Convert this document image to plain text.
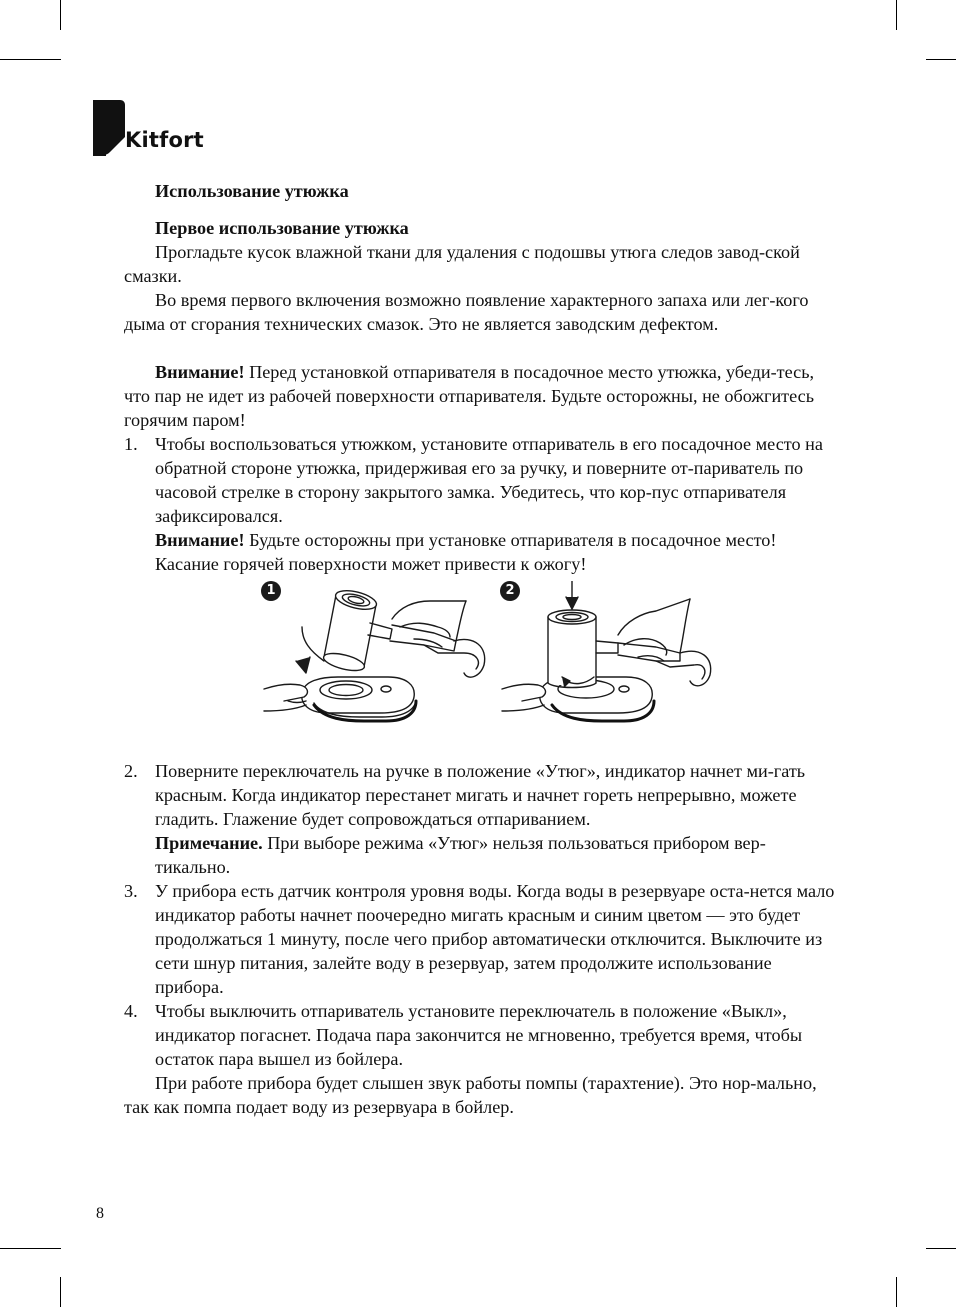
Kitfort

Использование утюжка

Первое использование утюжка

Прогладьте кусок влажной ткани для удаления с подошвы утюга следов завод-ской смазки.

Во время первого включения возможно появление характерного запаха или лег-кого дыма от сгорания технических смазок. Это не является заводским дефектом.

Внимание! Перед установкой отпаривателя в посадочное место утюжка, убеди-тесь, что пар не идет из рабочей поверхности отпаривателя. Будьте осторожны, не обожгитесь горячим паром!

1. Чтобы воспользоваться утюжком, установите отпариватель в его посадочное место на обратной стороне утюжка, придерживая его за ручку, и поверните от-париватель по часовой стрелке в сторону закрытого замка. Убедитесь, что кор-пус отпаривателя зафиксировался.

Внимание! Будьте осторожны при установке отпаривателя в посадочное место! Касание горячей поверхности может привести к ожогу!

1	2
2. Поверните переключатель на ручке в положение «Утюг», индикатор начнет ми-гать красным. Когда индикатор перестанет мигать и начнет гореть непрерывно, можете гладить. Глажение будет сопровождаться отпариванием.

Примечание. При выборе режима «Утюг» нельзя пользоваться прибором вер-тикально.

3. У прибора есть датчик контроля уровня воды. Когда воды в резервуаре оста-нется мало индикатор работы начнет поочередно мигать красным и синим цветом — это будет продолжаться 1 минуту, после чего прибор автоматически отключится. Выключите из сети шнур питания, залейте воду в резервуар, затем продолжите использование прибора.

4. Чтобы выключить отпариватель установите переключатель в положение «Выкл», индикатор погаснет. Подача пара закончится не мгновенно, требуется время, чтобы остаток пара вышел из бойлера.

При работе прибора будет слышен звук работы помпы (тарахтение). Это нор-мально, так как помпа подает воду из резервуара в бойлер.

8
